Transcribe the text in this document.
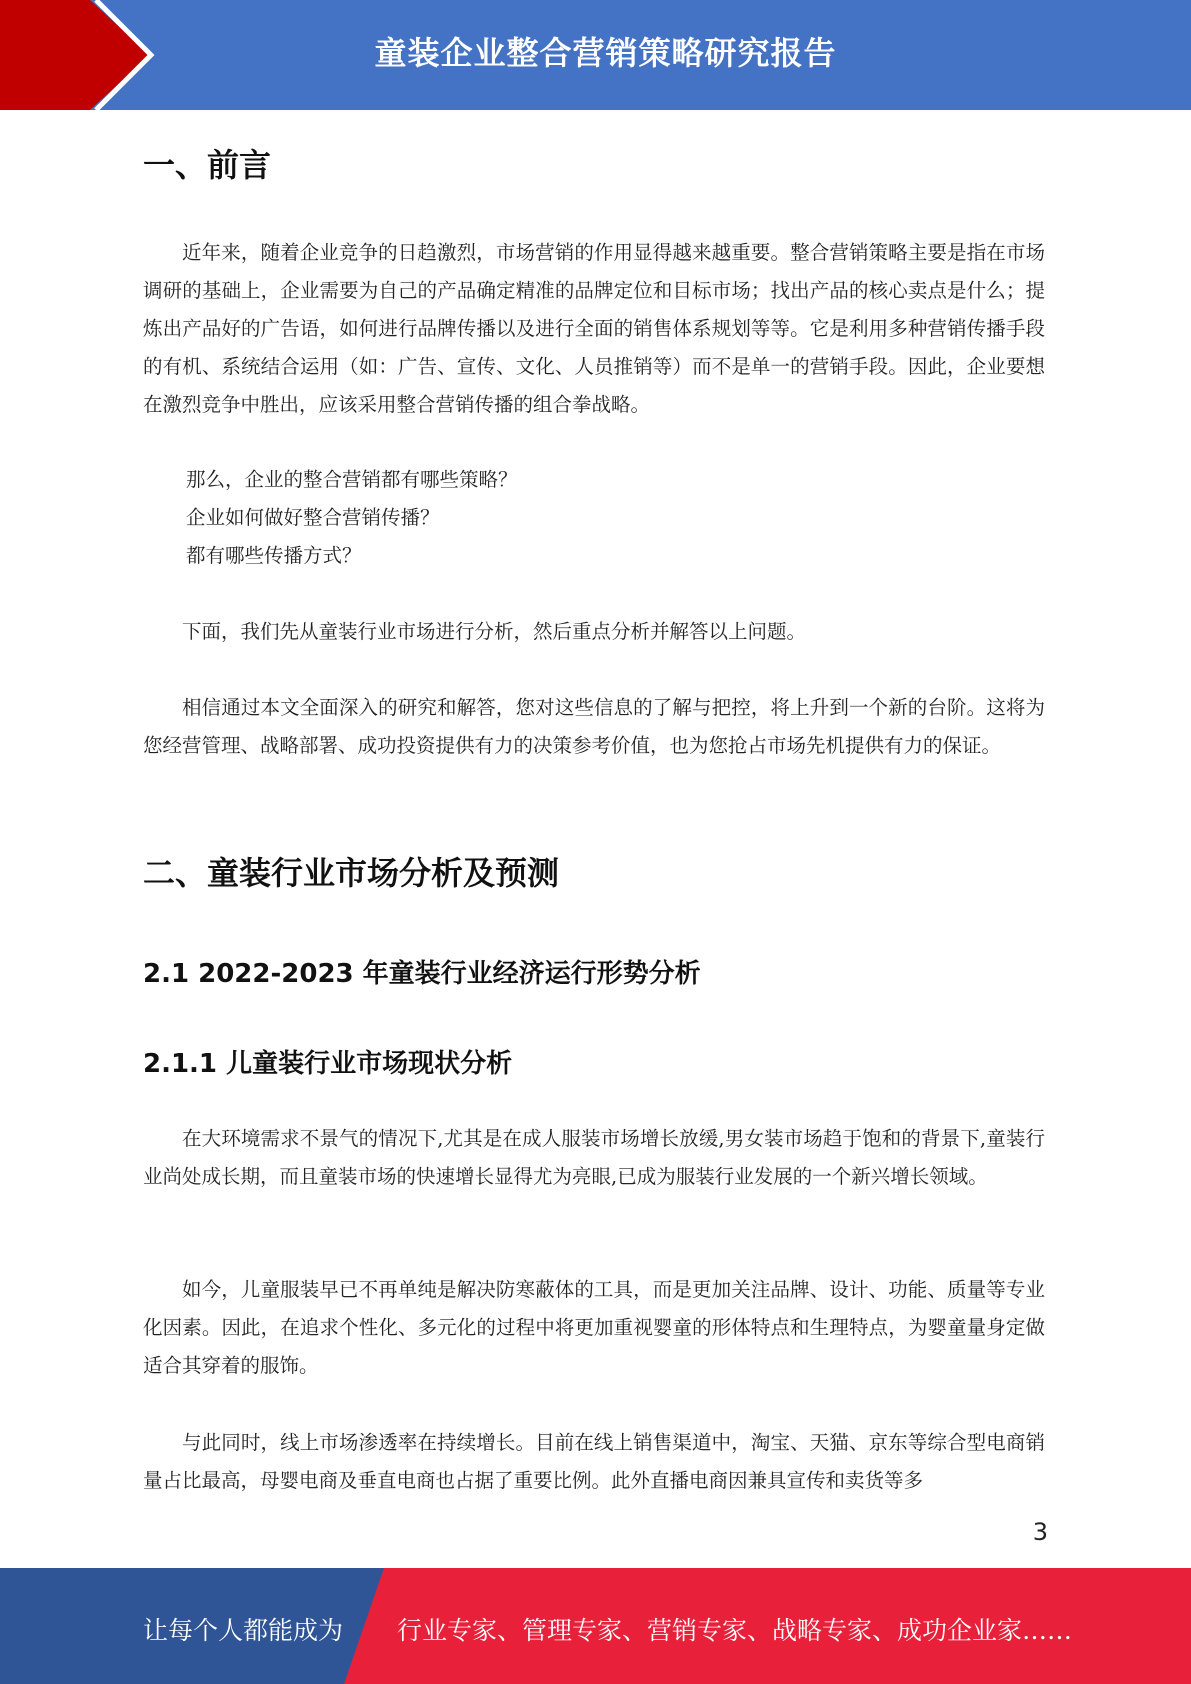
童装企业整合营销策略研究报告
一、前言
近年来，随着企业竞争的日趋激烈，市场营销的作用显得越来越重要。整合营销策略主要是指在市场调研的基础上，企业需要为自己的产品确定精准的品牌定位和目标市场；找出产品的核心卖点是什么；提炼出产品好的广告语，如何进行品牌传播以及进行全面的销售体系规划等等。它是利用多种营销传播手段的有机、系统结合运用（如：广告、宣传、文化、人员推销等）而不是单一的营销手段。因此，企业要想在激烈竞争中胜出，应该采用整合营销传播的组合拳战略。
那么，企业的整合营销都有哪些策略？
企业如何做好整合营销传播？
都有哪些传播方式？
下面，我们先从童装行业市场进行分析，然后重点分析并解答以上问题。
相信通过本文全面深入的研究和解答，您对这些信息的了解与把控，将上升到一个新的台阶。这将为您经营管理、战略部署、成功投资提供有力的决策参考价值，也为您抢占市场先机提供有力的保证。
二、童装行业市场分析及预测
2.1 2022-2023 年童装行业经济运行形势分析
2.1.1 儿童装行业市场现状分析
在大环境需求不景气的情况下,尤其是在成人服装市场增长放缓,男女装市场趋于饱和的背景下,童装行业尚处成长期，而且童装市场的快速增长显得尤为亮眼,已成为服装行业发展的一个新兴增长领域。
如今，儿童服装早已不再单纯是解决防寒蔽体的工具，而是更加关注品牌、设计、功能、质量等专业化因素。因此，在追求个性化、多元化的过程中将更加重视婴童的形体特点和生理特点，为婴童量身定做适合其穿着的服饰。
与此同时，线上市场渗透率在持续增长。目前在线上销售渠道中，淘宝、天猫、京东等综合型电商销量占比最高，母婴电商及垂直电商也占据了重要比例。此外直播电商因兼具宣传和卖货等多
3
让每个人都能成为 行业专家、管理专家、营销专家、战略专家、成功企业家……
